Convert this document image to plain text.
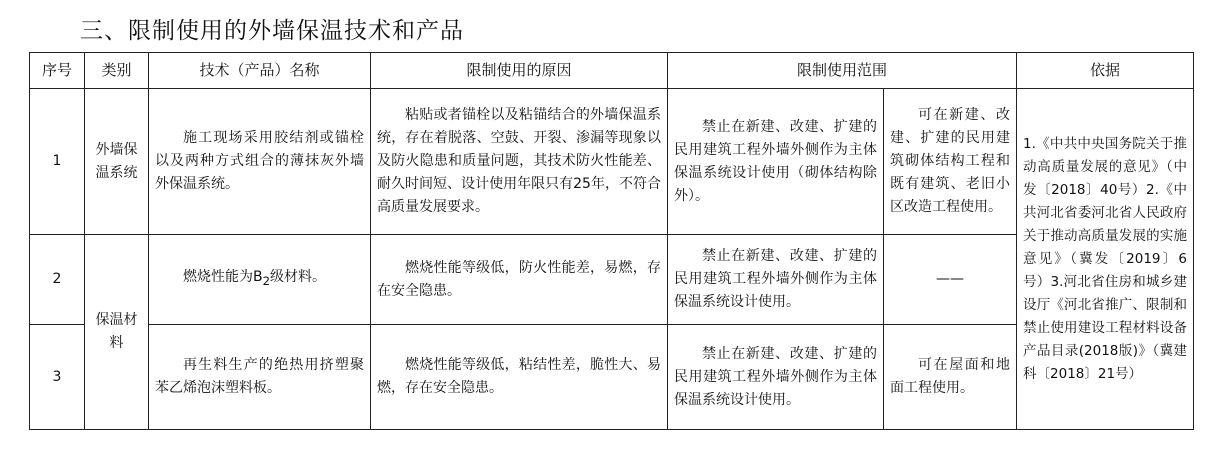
三、限制使用的外墙保温技术和产品
序号	类别	技术（产品）名称	限制使用的原因	限制使用范围		依据
1	外墙保温系统	施工现场采用胶结剂或锚栓以及两种方式组合的薄抹灰外墙外保温系统。	粘贴或者锚栓以及粘锚结合的外墙保温系统，存在着脱落、空鼓、开裂、渗漏等现象以及防火隐患和质量问题，其技术防火性能差、耐久时间短、设计使用年限只有25年，不符合高质量发展要求。	禁止在新建、改建、扩建的民用建筑工程外墙外侧作为主体保温系统设计使用（砌体结构除外）。	可在新建、改建、扩建的民用建筑砌体结构工程和既有建筑、老旧小区改造工程使用。	1.《中共中央国务院关于推动高质量发展的意见》（中发〔2018〕40号）2.《中共河北省委河北省人民政府关于推动高质量发展的实施意见》（冀发〔2019〕6号）3.河北省住房和城乡建设厅《河北省推广、限制和禁止使用建设工程材料设备产品目录(2018版)》（冀建科〔2018〕21号）
2	保温材料	燃烧性能为$B_2$级材料。	燃烧性能等级低，防火性能差，易燃，存在安全隐患。	禁止在新建、改建、扩建的民用建筑工程外墙外侧作为主体保温系统设计使用。	——	
3		再生料生产的绝热用挤塑聚苯乙烯泡沫塑料板。	燃烧性能等级低，粘结性差，脆性大、易燃，存在安全隐患。	禁止在新建、改建、扩建的民用建筑工程外墙外侧作为主体保温系统设计使用。	可在屋面和地面工程使用。	
